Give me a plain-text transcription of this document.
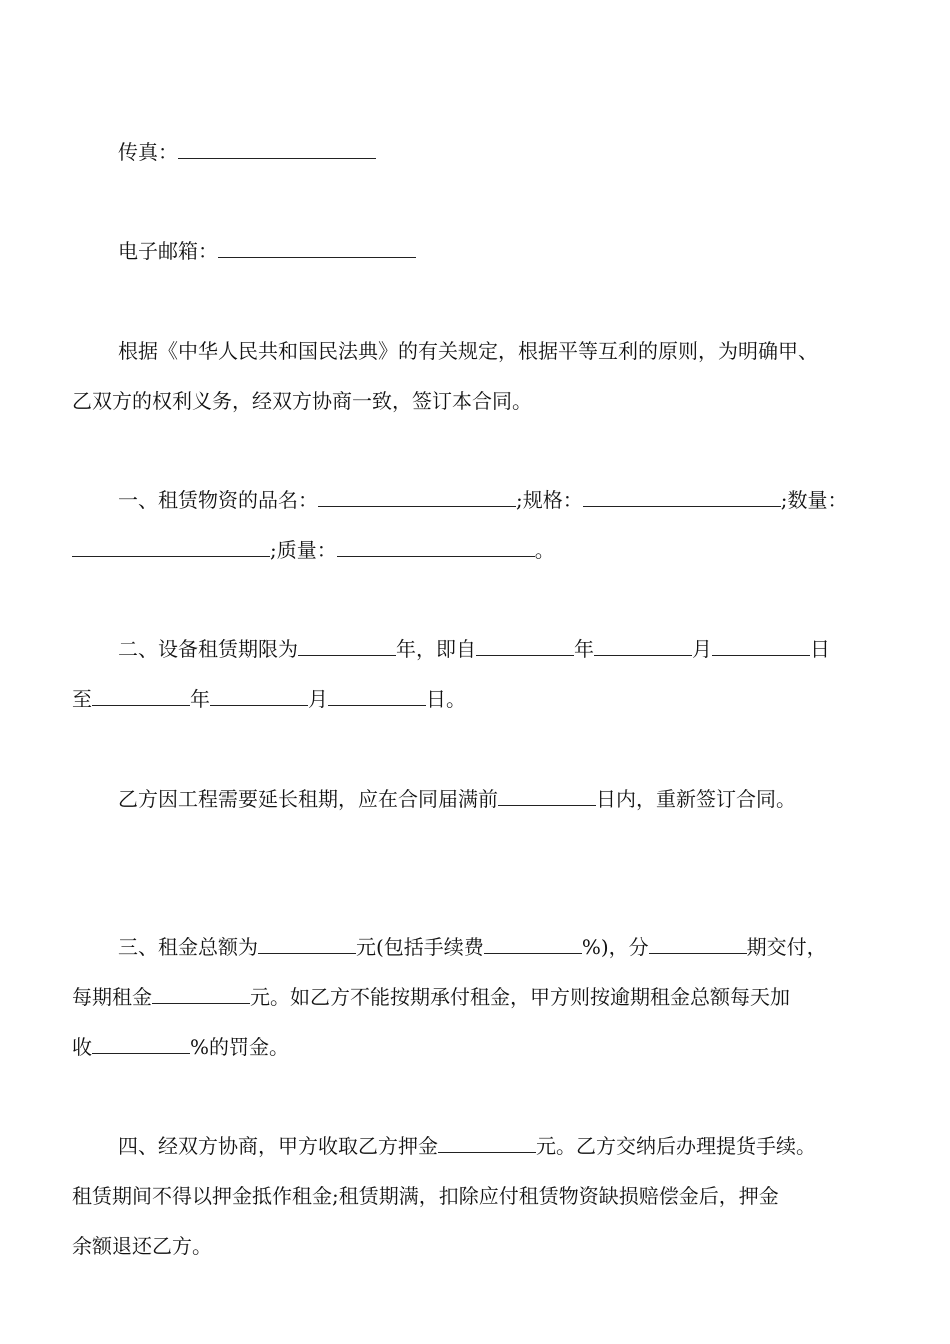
传真：

电子邮箱：

根据《中华人民共和国民法典》的有关规定，根据平等互利的原则，为明确甲、

乙双方的权利义务，经双方协商一致，签订本合同。

一、租赁物资的品名：	;规格：	;数量：

;质量：	。

二、设备租赁期限为	年，即自	年	月	日

至	年	月	日。

乙方因工程需要延长租期，应在合同届满前	日内，重新签订合同。

三、租金总额为	元(包括手续费	%)，分	期交付，

每期租金	元。如乙方不能按期承付租金，甲方则按逾期租金总额每天加

收	%的罚金。

四、经双方协商，甲方收取乙方押金	元。乙方交纳后办理提货手续。

租赁期间不得以押金抵作租金;租赁期满，扣除应付租赁物资缺损赔偿金后，押金

余额退还乙方。
